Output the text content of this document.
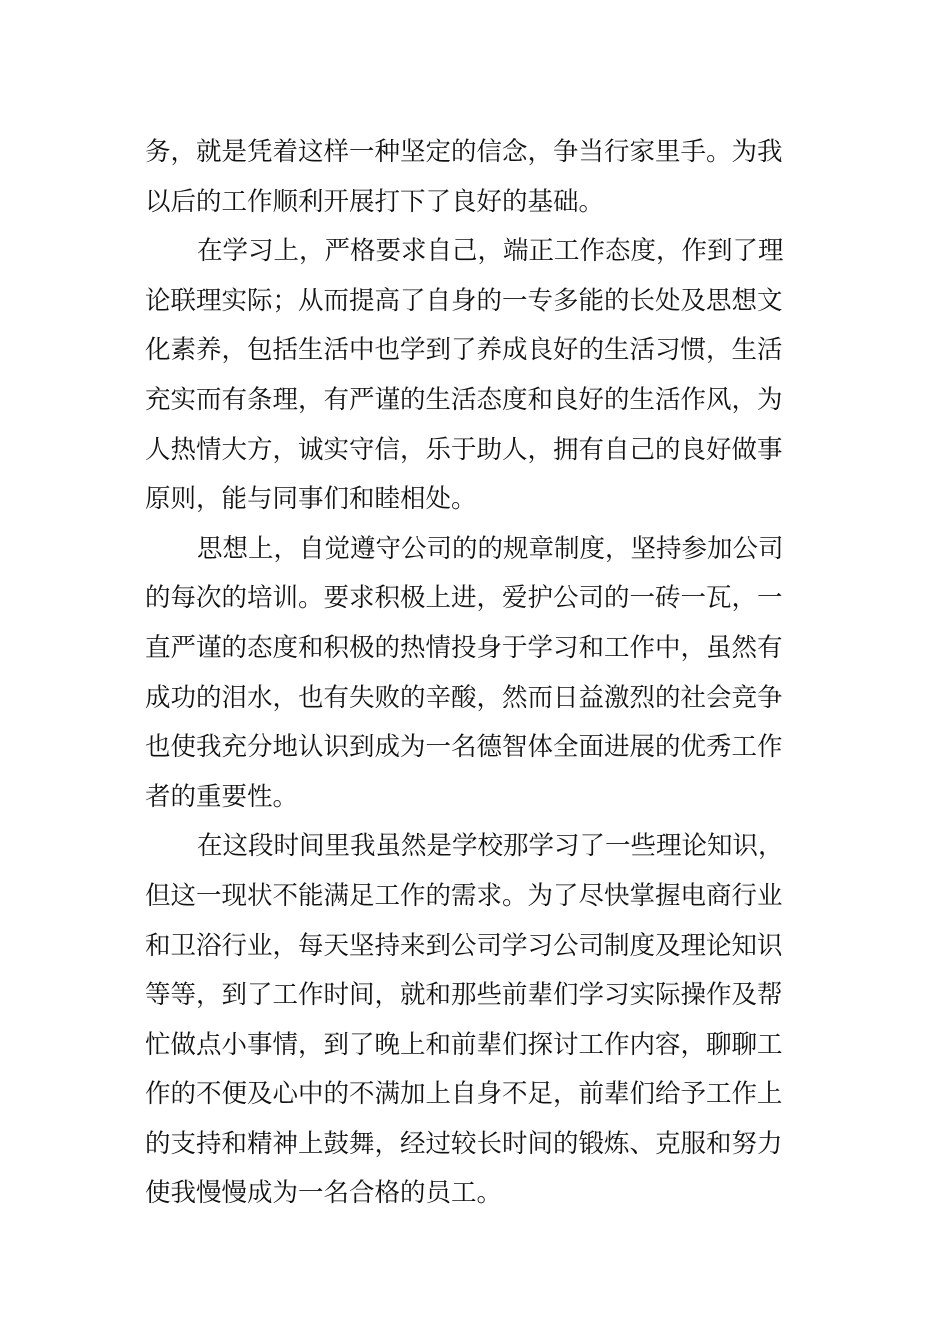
务，就是凭着这样一种坚定的信念，争当行家里手。为我
以后的工作顺利开展打下了良好的基础。
在学习上，严格要求自己，端正工作态度，作到了理
论联理实际；从而提高了自身的一专多能的长处及思想文
化素养，包括生活中也学到了养成良好的生活习惯，生活
充实而有条理，有严谨的生活态度和良好的生活作风，为
人热情大方，诚实守信，乐于助人，拥有自己的良好做事
原则，能与同事们和睦相处。
思想上，自觉遵守公司的的规章制度，坚持参加公司
的每次的培训。要求积极上进，爱护公司的一砖一瓦，一
直严谨的态度和积极的热情投身于学习和工作中，虽然有
成功的泪水，也有失败的辛酸，然而日益激烈的社会竞争
也使我充分地认识到成为一名德智体全面进展的优秀工作
者的重要性。
在这段时间里我虽然是学校那学习了一些理论知识，
但这一现状不能满足工作的需求。为了尽快掌握电商行业
和卫浴行业，每天坚持来到公司学习公司制度及理论知识
等等，到了工作时间，就和那些前辈们学习实际操作及帮
忙做点小事情，到了晚上和前辈们探讨工作内容，聊聊工
作的不便及心中的不满加上自身不足，前辈们给予工作上
的支持和精神上鼓舞，经过较长时间的锻炼、克服和努力
使我慢慢成为一名合格的员工。
